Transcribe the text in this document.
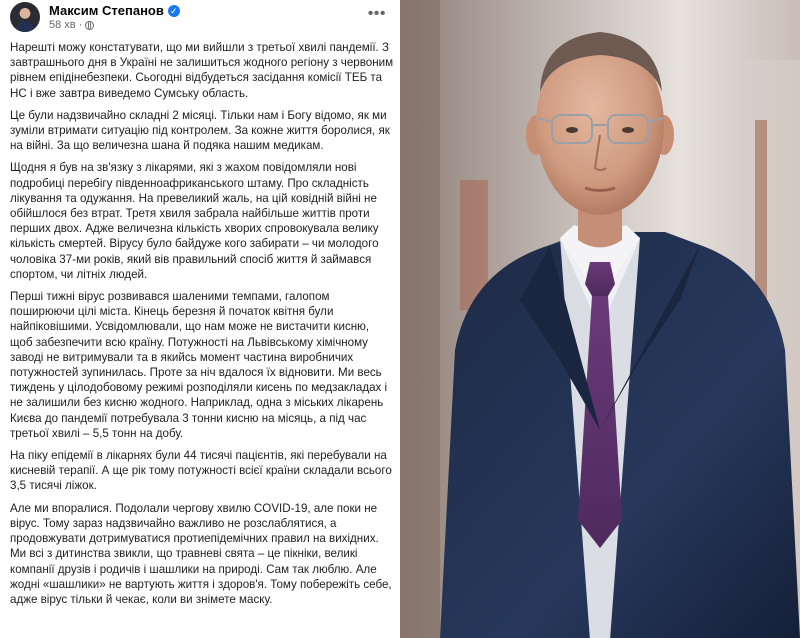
Максим Степанов ✓
58 хв ·
•••

Нарешті можу констатувати, що ми вийшли з третьої хвилі пандемії. З завтрашнього дня в Україні не залишиться жодного регіону з червоним рівнем епідінебезпеки. Сьогодні відбудеться засідання комісії ТЕБ та НС і вже завтра виведемо Сумську область.

Це були надзвичайно складні 2 місяці. Тільки нам і Богу відомо, як ми зуміли втримати ситуацію під контролем. За кожне життя боролися, як на війні. За що величезна шана й подяка нашим медикам.

Щодня я був на зв'язку з лікарями, які з жахом повідомляли нові подробиці перебігу південноафриканського штаму. Про складність лікування та одужання. На превеликий жаль, на цій ковідній війні не обійшлося без втрат. Третя хвиля забрала найбільше життів проти перших двох. Адже величезна кількість хворих спровокувала велику кількість смертей. Вірусу було байдуже кого забирати – чи молодого чоловіка 37-ми років, який вів правильний спосіб життя й займався спортом, чи літніх людей.

Перші тижні вірус розвивався шаленими темпами, галопом поширюючи цілі міста. Кінець березня й початок квітня були найпіковішими. Усвідомлювали, що нам може не вистачити кисню, щоб забезпечити всю країну. Потужності на Львівському хімічному заводі не витримували та в якийсь момент частина виробничих потужностей зупинилась. Проте за ніч вдалося їх відновити. Ми весь тиждень у цілодобовому режимі розподіляли кисень по медзакладах і не залишили без кисню жодного. Наприклад, одна з міських лікарень Києва до пандемії потребувала 3 тонни кисню на місяць, а під час третьої хвилі – 5,5 тонн на добу.

На піку епідемії в лікарнях були 44 тисячі пацієнтів, які перебували на кисневій терапії. А ще рік тому потужності всієї країни складали всього 3,5 тисячі ліжок.

Але ми впоралися. Подолали чергову хвилю COVID-19, але поки не вірус. Тому зараз надзвичайно важливо не розслаблятися, а продовжувати дотримуватися протиепідемічних правил на вихідних. Ми всі з дитинства звикли, що травневі свята – це пікніки, великі компанії друзів і родичів і шашлики на природі. Сам так люблю. Але жодні «шашлики» не вартують життя і здоров'я. Тому побережіть себе, адже вірус тільки й чекає, коли ви знімете маску.
